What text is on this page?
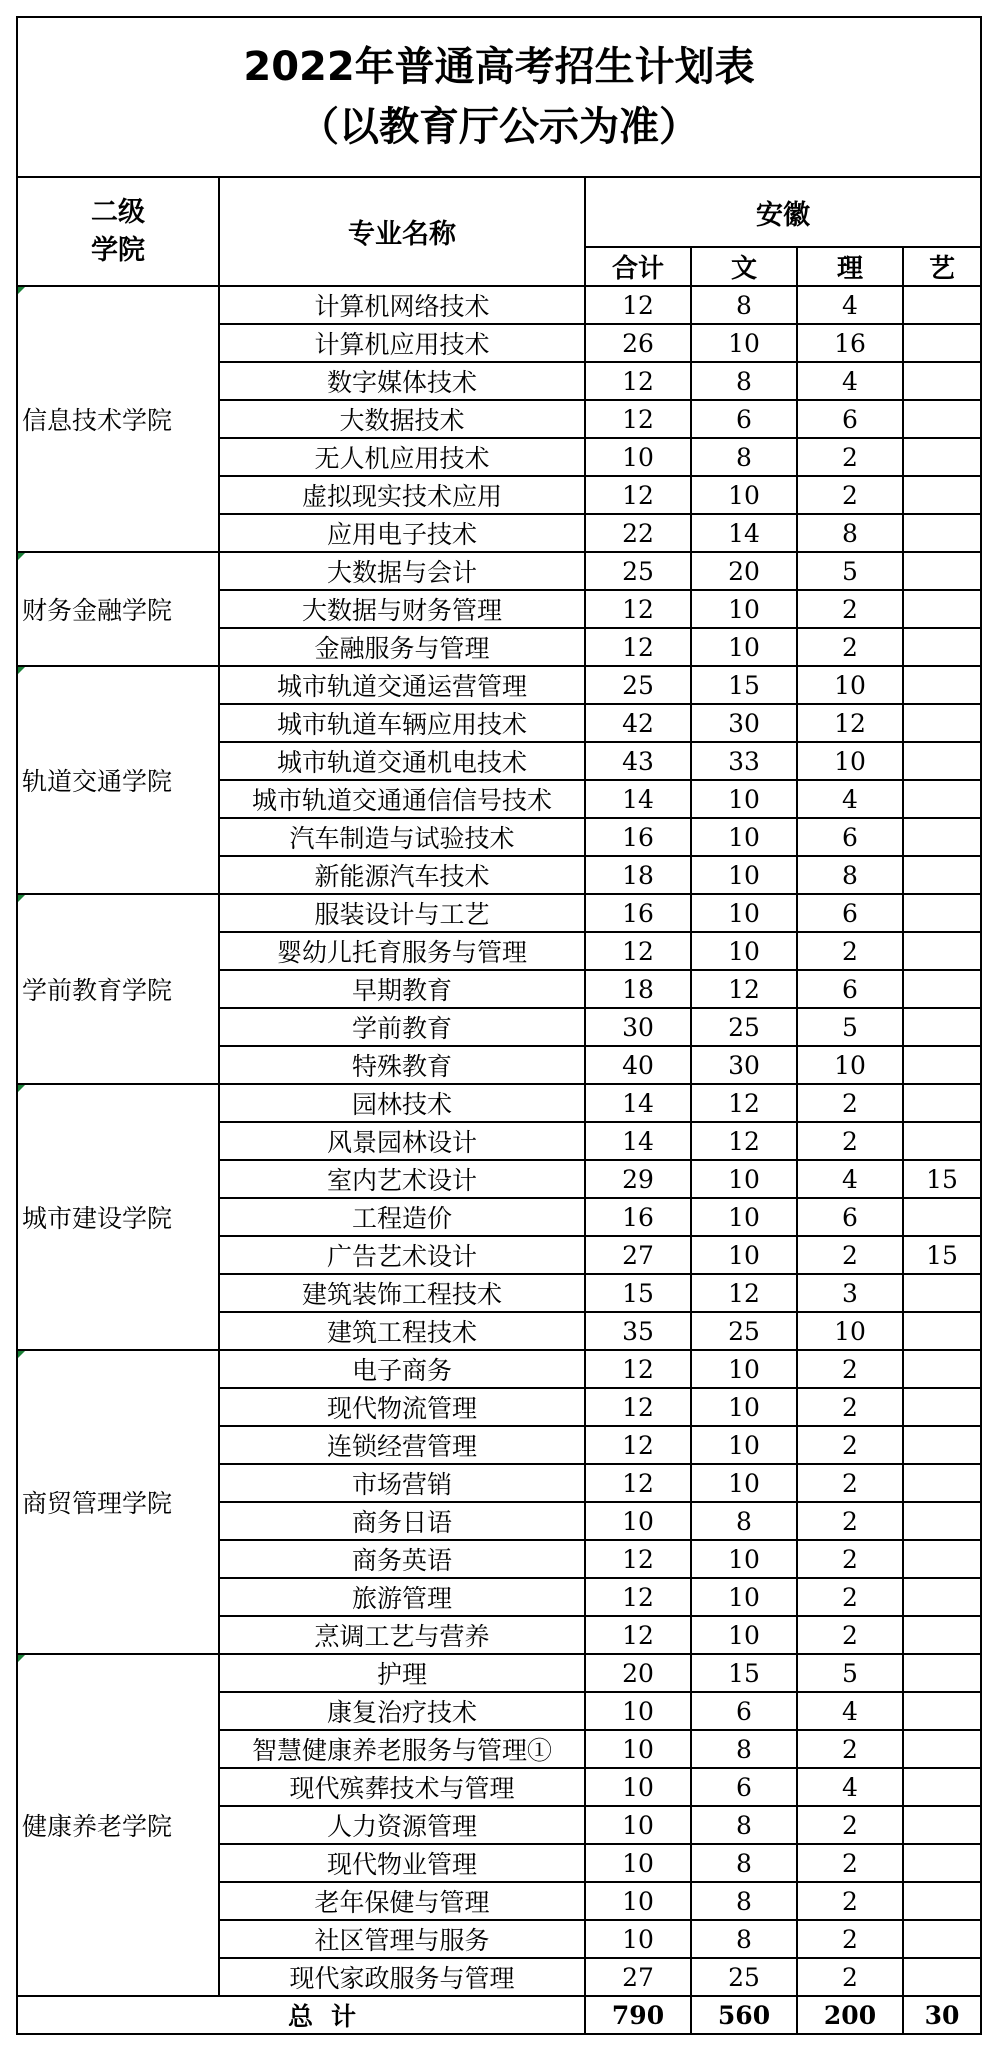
2022年普通高考招生计划表
（以教育厅公示为准）					

二级
学院	专业名称	安徽			
		合计	文	理	艺
信息技术学院	计算机网络技术	12	8	4	
	计算机应用技术	26	10	16	
	数字媒体技术	12	8	4	
	大数据技术	12	6	6	
	无人机应用技术	10	8	2	
	虚拟现实技术应用	12	10	2	
	应用电子技术	22	14	8	
财务金融学院	大数据与会计	25	20	5	
	大数据与财务管理	12	10	2	
	金融服务与管理	12	10	2	
轨道交通学院	城市轨道交通运营管理	25	15	10	
	城市轨道车辆应用技术	42	30	12	
	城市轨道交通机电技术	43	33	10	
	城市轨道交通通信信号技术	14	10	4	
	汽车制造与试验技术	16	10	6	
	新能源汽车技术	18	10	8	
学前教育学院	服装设计与工艺	16	10	6	
	婴幼儿托育服务与管理	12	10	2	
	早期教育	18	12	6	
	学前教育	30	25	5	
	特殊教育	40	30	10	
城市建设学院	园林技术	14	12	2	
	风景园林设计	14	12	2	
	室内艺术设计	29	10	4	15
	工程造价	16	10	6	
	广告艺术设计	27	10	2	15
	建筑装饰工程技术	15	12	3	
	建筑工程技术	35	25	10	
商贸管理学院	电子商务	12	10	2	
	现代物流管理	12	10	2	
	连锁经营管理	12	10	2	
	市场营销	12	10	2	
	商务日语	10	8	2	
	商务英语	12	10	2	
	旅游管理	12	10	2	
	烹调工艺与营养	12	10	2	
健康养老学院	护理	20	15	5	
	康复治疗技术	10	6	4	
	智慧健康养老服务与管理①	10	8	2	
	现代殡葬技术与管理	10	6	4	
	人力资源管理	10	8	2	
	现代物业管理	10	8	2	
	老年保健与管理	10	8	2	
	社区管理与服务	10	8	2	
	现代家政服务与管理	27	25	2	
总计		790	560	200	30
